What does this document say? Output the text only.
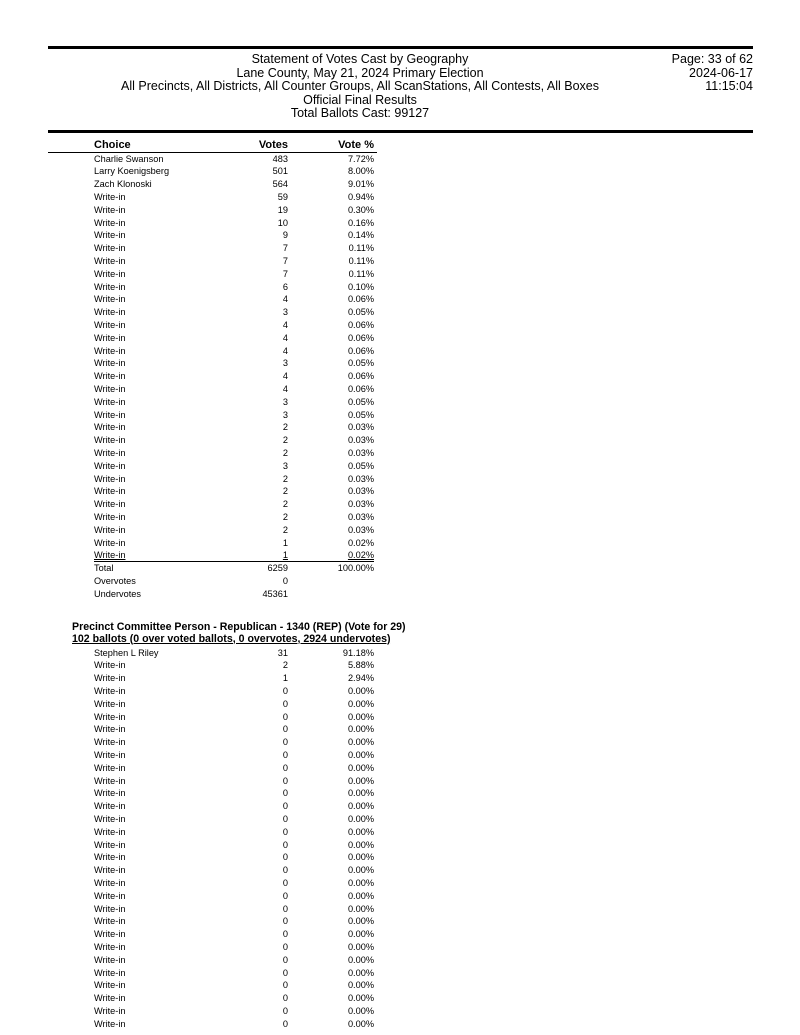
Statement of Votes Cast by Geography
Lane County, May 21, 2024 Primary Election
All Precincts, All Districts, All Counter Groups, All ScanStations, All Contests, All Boxes
Official Final Results
Total Ballots Cast: 99127
Page: 33 of 62
2024-06-17
11:15:04
Choice	Votes	Vote %
Charlie Swanson	483	7.72%
Larry Koenigsberg	501	8.00%
Zach Klonoski	564	9.01%
Write-in	59	0.94%
Write-in	19	0.30%
Write-in	10	0.16%
Write-in	9	0.14%
Write-in	7	0.11%
Write-in	7	0.11%
Write-in	7	0.11%
Write-in	6	0.10%
Write-in	4	0.06%
Write-in	3	0.05%
Write-in	4	0.06%
Write-in	4	0.06%
Write-in	4	0.06%
Write-in	3	0.05%
Write-in	4	0.06%
Write-in	4	0.06%
Write-in	3	0.05%
Write-in	3	0.05%
Write-in	2	0.03%
Write-in	2	0.03%
Write-in	2	0.03%
Write-in	3	0.05%
Write-in	2	0.03%
Write-in	2	0.03%
Write-in	2	0.03%
Write-in	2	0.03%
Write-in	2	0.03%
Write-in	1	0.02%
Write-in	1	0.02%
Total	6259	100.00%
Overvotes	0
Undervotes	45361
Precinct Committee Person - Republican - 1340 (REP) (Vote for 29)
102 ballots (0 over voted ballots, 0 overvotes, 2924 undervotes)
Stephen L Riley	31	91.18%
Write-in	2	5.88%
Write-in	1	2.94%
Write-in	0	0.00%
Write-in	0	0.00%
Write-in	0	0.00%
Write-in	0	0.00%
Write-in	0	0.00%
Write-in	0	0.00%
Write-in	0	0.00%
Write-in	0	0.00%
Write-in	0	0.00%
Write-in	0	0.00%
Write-in	0	0.00%
Write-in	0	0.00%
Write-in	0	0.00%
Write-in	0	0.00%
Write-in	0	0.00%
Write-in	0	0.00%
Write-in	0	0.00%
Write-in	0	0.00%
Write-in	0	0.00%
Write-in	0	0.00%
Write-in	0	0.00%
Write-in	0	0.00%
Write-in	0	0.00%
Write-in	0	0.00%
Write-in	0	0.00%
Write-in	0	0.00%
Write-in	0	0.00%
